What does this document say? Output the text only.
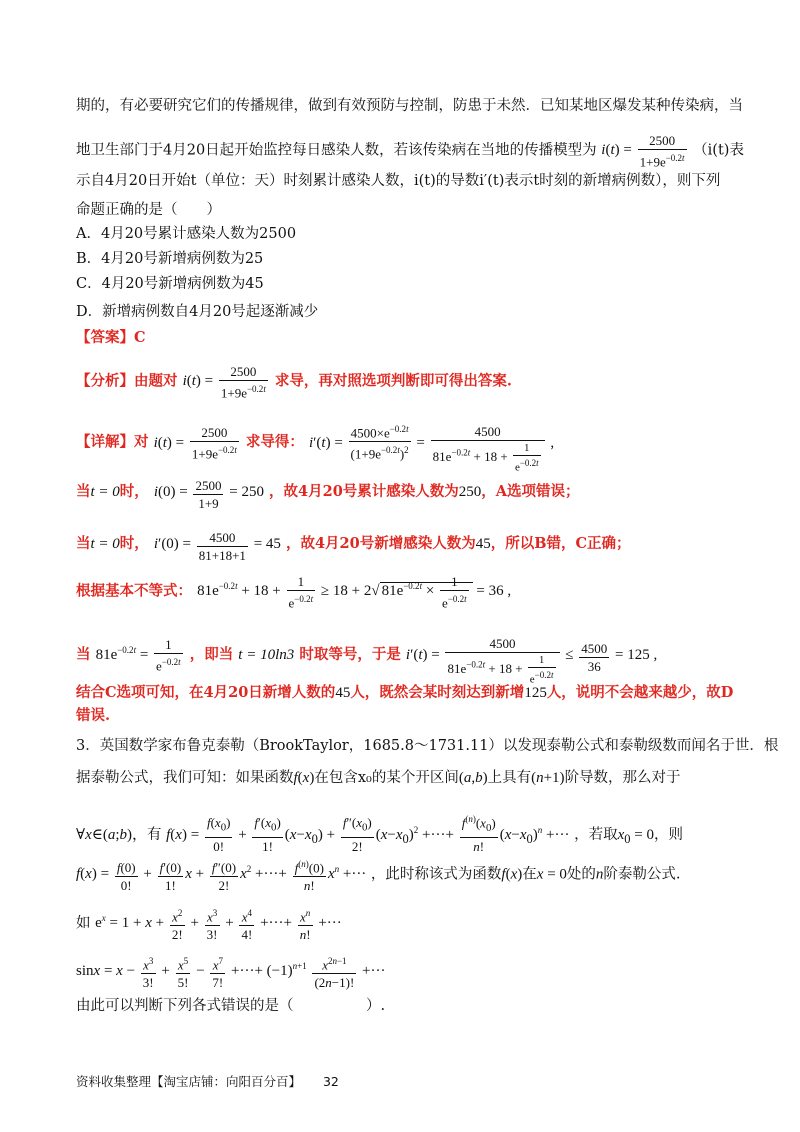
期的，有必要研究它们的传播规律，做到有效预防与控制，防患于未然．已知某地区爆发某种传染病，当
地卫生部门于4月20日起开始监控每日感染人数，若该传染病在当地的传播模型为 $i(t) = \frac{2500}{1+9e^{-0.2t}} (i(t)$表
示自4月20日开始t（单位：天）时刻累计感染人数，i(t)的导数i′(t)表示t时刻的新增病例数），则下列
命题正确的是（　　）
A．4月20号累计感染人数为2500
B．4月20号新增病例数为25
C．4月20号新增病例数为45
D．新增病例数自4月20号起逐渐减少
【答案】C
【分析】由题对 $i(t) = \frac{2500}{1+9e^{-0.2t}}$ 求导，再对照选项判断即可得出答案.
【详解】对 $i(t) = \frac{2500}{1+9e^{-0.2t}}$ 求导得： $i'(t) = \frac{4500\times e^{-0.2t}}{(1+9e^{-0.2t})^2} = \frac{4500}{81e^{-0.2t} + 18 + \frac{1}{e^{-0.2t}}}$ ,
当t = 0时， $i(0) = \frac{2500}{1+9} = 250$ ，故4月20号累计感染人数为250，A选项错误；
当t = 0时， $i'(0) = \frac{4500}{81+18+1} = 45$ ，故4月20号新增感染人数为45，所以B错，C正确；
根据基本不等式： $81e^{-0.2t} + 18 + \frac{1}{e^{-0.2t}} \ge 18 + 2√$ $81e^{-0.2t} \times \frac{1}{e^{-0.2t}} = 36$ ,
当 $81e^{-0.2t} = \frac{1}{e^{-0.2t}}$ ，即当 t = 10ln3 时取等号，于是 $i'(t) = \frac{4500}{81e^{-0.2t} + 18 + \frac{1}{e^{-0.2t}}} \le \frac{4500}{36} = 125$ ,
结合C选项可知，在4月20日新增人数的45人，既然会某时刻达到新增125人，说明不会越来越少，故D
错误.
3．英国数学家布鲁克泰勒（BrookTaylor，1685.8～1731.11）以发现泰勒公式和泰勒级数而闻名于世．根
据泰勒公式，我们可知：如果函数f(x)在包含x₀的某个开区间(a,b)上具有(n+1)阶导数，那么对于
∀x∈(a;b)，有 $f(x) = \frac{f(x_0)}{0!} + \frac{f'(x_0)}{1!} (x-x_0) + \frac{f''(x_0)}{2!} (x-x_0)^2$ +···+ $\frac{f^{(n)}(x_0)}{n!} (x-x_0)^n$ +··· ，若取$x_0 = 0$，则
$f(x) = \frac{f(0)}{0!} + \frac{f'(0)}{1!}$ $x + \frac{f''(0)}{2!} x^2$ +···+ $\frac{f^{(n)}(0)}{n!} x^n$ +··· ，此时称该式为函数f(x)在x = 0处的n阶泰勒公式.
如 $e^x = 1 + x + \frac{x^2}{2!} + \frac{x^3}{3!} + \frac{x^4}{4!}$ +···+ $\frac{x^n}{n!}$ +···
$\sin x = x - \frac{x^3}{3!} + \frac{x^5}{5!} - \frac{x^7}{7!}$ +···+ $(-1)^{n+1} \frac{x^{2n-1}}{(2n-1)!}$ +···
由此可以判断下列各式错误的是（　　　　　）.
资料收集整理【淘宝店铺：向阳百分百】 32
